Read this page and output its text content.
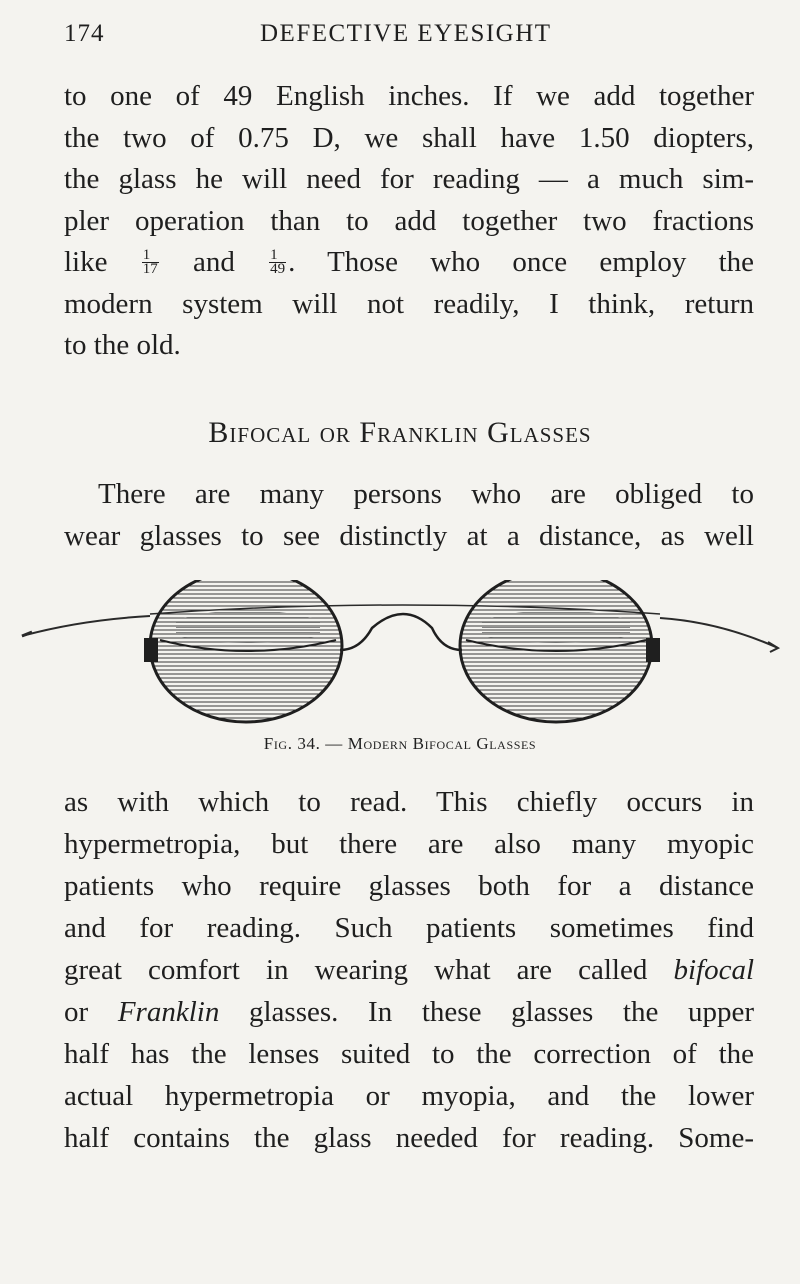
174	DEFECTIVE EYESIGHT
to one of 49 English inches. If we add together
the two of 0.75 D, we shall have 1.50 diopters,
the glass he will need for reading — a much sim-
pler operation than to add together two fractions
like $\frac{1}{17}$ and $\frac{1}{49}$ . Those who once employ the
modern system will not readily, I think, return
to the old.
Bifocal or Franklin Glasses
There are many persons who are obliged to
wear glasses to see distinctly at a distance, as well
Fig. 34. — Modern Bifocal Glasses
as with which to read. This chiefly occurs in
hypermetropia, but there are also many myopic
patients who require glasses both for a distance
and for reading. Such patients sometimes find
great comfort in wearing what are called bifocal
or Franklin glasses. In these glasses the upper
half has the lenses suited to the correction of the
actual hypermetropia or myopia, and the lower
half contains the glass needed for reading. Some-
